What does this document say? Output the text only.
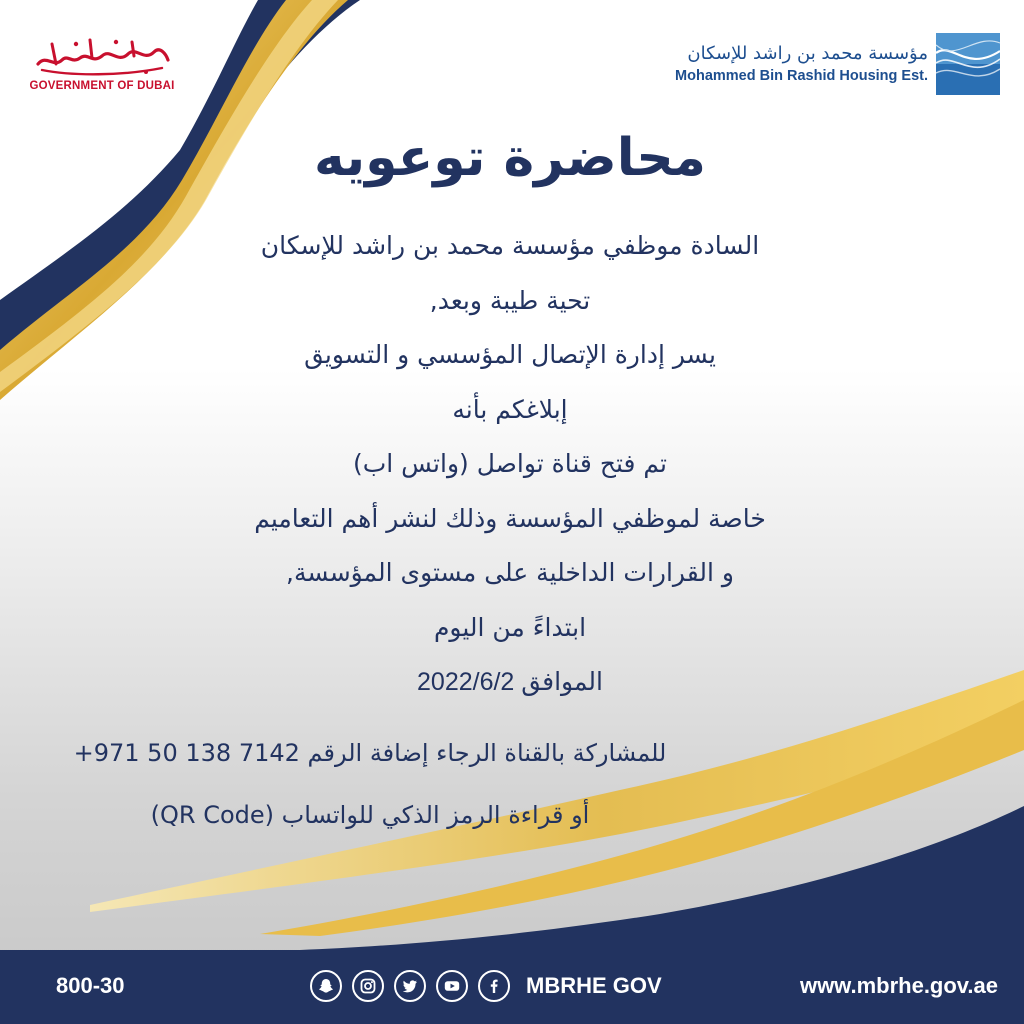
GOVERNMENT OF DUBAI
مؤسسة محمد بن راشد للإسكان
Mohammed Bin Rashid Housing Est.
محاضرة توعويه
السادة موظفي مؤسسة محمد بن راشد للإسكان
تحية طيبة وبعد,
يسر إدارة الإتصال المؤسسي و التسويق
إبلاغكم بأنه
تم فتح قناة تواصل (واتس اب)
خاصة لموظفي المؤسسة وذلك لنشر أهم التعاميم
و القرارات الداخلية على مستوى المؤسسة,
ابتداءً من اليوم
الموافق 2022/6/2
للمشاركة بالقناة الرجاء إضافة الرقم 7142 138 50 971+
أو قراءة الرمز الذكي للواتساب (QR Code)
800-30	MBRHE GOV	www.mbrhe.gov.ae
